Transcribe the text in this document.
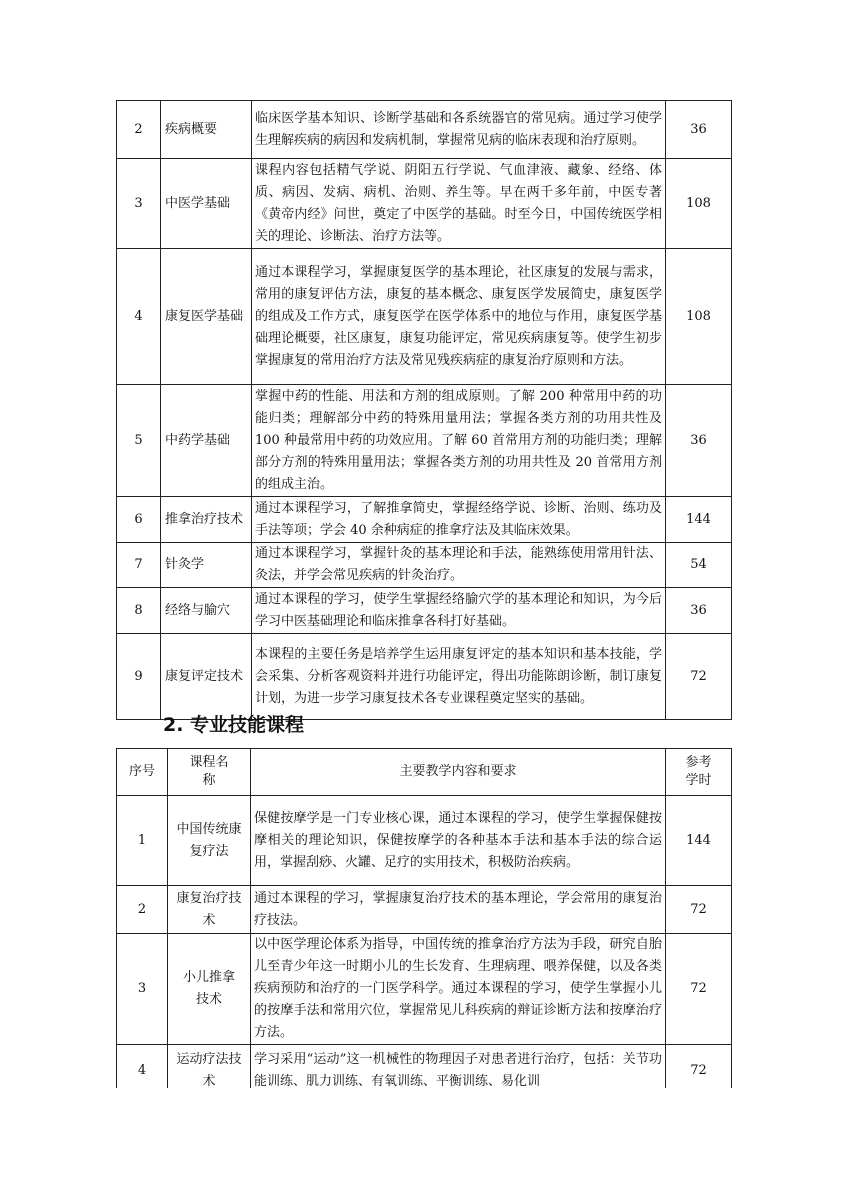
2	疾病概要	临床医学基本知识、诊断学基础和各系统器官的常见病。通过学习使学生理解疾病的病因和发病机制，掌握常见病的临床表现和治疗原则。	36
3	中医学基础	课程内容包括精气学说、阴阳五行学说、气血津液、藏象、经络、体质、病因、发病、病机、治则、养生等。早在两千多年前，中医专著《黄帝内经》问世，奠定了中医学的基础。时至今日，中国传统医学相关的理论、诊断法、治疗方法等。	108
4	康复医学基础	通过本课程学习，掌握康复医学的基本理论，社区康复的发展与需求，常用的康复评估方法，康复的基本概念、康复医学发展简史，康复医学的组成及工作方式，康复医学在医学体系中的地位与作用，康复医学基础理论概要，社区康复，康复功能评定，常见疾病康复等。使学生初步掌握康复的常用治疗方法及常见残疾病症的康复治疗原则和方法。	108
5	中药学基础	掌握中药的性能、用法和方剂的组成原则。了解 200 种常用中药的功能归类；理解部分中药的特殊用量用法；掌握各类方剂的功用共性及 100 种最常用中药的功效应用。了解 60 首常用方剂的功能归类；理解部分方剂的特殊用量用法；掌握各类方剂的功用共性及 20 首常用方剂的组成主治。	36
6	推拿治疗技术	通过本课程学习，了解推拿简史，掌握经络学说、诊断、治则、练功及手法等项；学会 40 余种病症的推拿疗法及其临床效果。	144
7	针灸学	通过本课程学习，掌握针灸的基本理论和手法，能熟练使用常用针法、灸法，并学会常见疾病的针灸治疗。	54
8	经络与腧穴	通过本课程的学习，使学生掌握经络腧穴学的基本理论和知识，为今后学习中医基础理论和临床推拿各科打好基础。	36
9	康复评定技术	本课程的主要任务是培养学生运用康复评定的基本知识和基本技能，学会采集、分析客观资料并进行功能评定，得出功能陈朗诊断，制订康复计划，为进一步学习康复技术各专业课程奠定坚实的基础。	72
2. 专业技能课程
序号	课程名称	主要教学内容和要求	参考学时
1	中国传统康复疗法	保健按摩学是一门专业核心课，通过本课程的学习，使学生掌握保健按摩相关的理论知识，保健按摩学的各种基本手法和基本手法的综合运用，掌握刮痧、火罐、足疗的实用技术，积极防治疾病。	144
2	康复治疗技术	通过本课程的学习，掌握康复治疗技术的基本理论，学会常用的康复治疗技法。	72
3	小儿推拿技术	以中医学理论体系为指导，中国传统的推拿治疗方法为手段，研究自胎儿至青少年这一时期小儿的生长发育、生理病理、喂养保健，以及各类疾病预防和治疗的一门医学科学。通过本课程的学习，使学生掌握小儿的按摩手法和常用穴位，掌握常见儿科疾病的辩证诊断方法和按摩治疗方法。	72
4	运动疗法技术	学习采用“运动”这一机械性的物理因子对患者进行治疗，包括：关节功能训练、肌力训练、有氧训练、平衡训练、易化训	72
